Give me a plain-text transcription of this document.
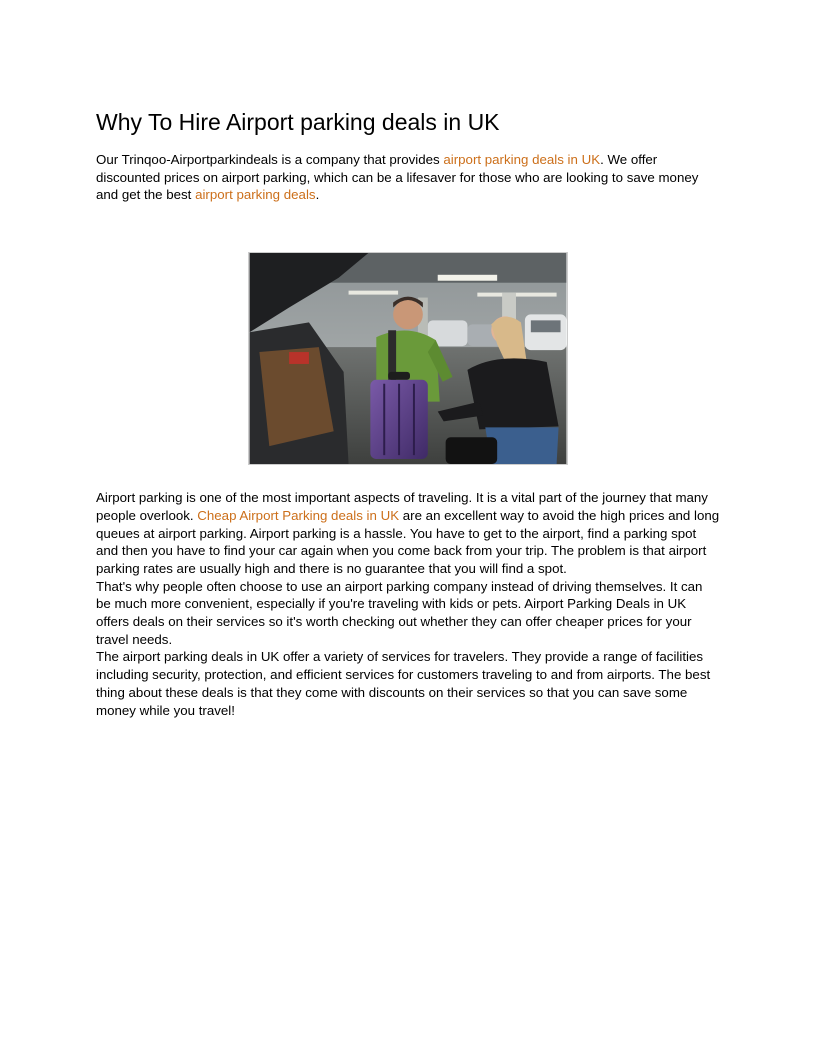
Why To Hire Airport parking deals in UK

Our Trinqoo-Airportparkindeals is a company that provides airport parking deals in UK. We offer discounted prices on airport parking, which can be a lifesaver for those who are looking to save money and get the best airport parking deals.

Airport parking is one of the most important aspects of traveling. It is a vital part of the journey that many people overlook. Cheap Airport Parking deals in UK are an excellent way to avoid the high prices and long queues at airport parking. Airport parking is a hassle. You have to get to the airport, find a parking spot and then you have to find your car again when you come back from your trip. The problem is that airport parking rates are usually high and there is no guarantee that you will find a spot.

That's why people often choose to use an airport parking company instead of driving themselves. It can be much more convenient, especially if you're traveling with kids or pets. Airport Parking Deals in UK offers deals on their services so it's worth checking out whether they can offer cheaper prices for your travel needs.

The airport parking deals in UK offer a variety of services for travelers. They provide a range of facilities including security, protection, and efficient services for customers traveling to and from airports. The best thing about these deals is that they come with discounts on their services so that you can save some money while you travel!
